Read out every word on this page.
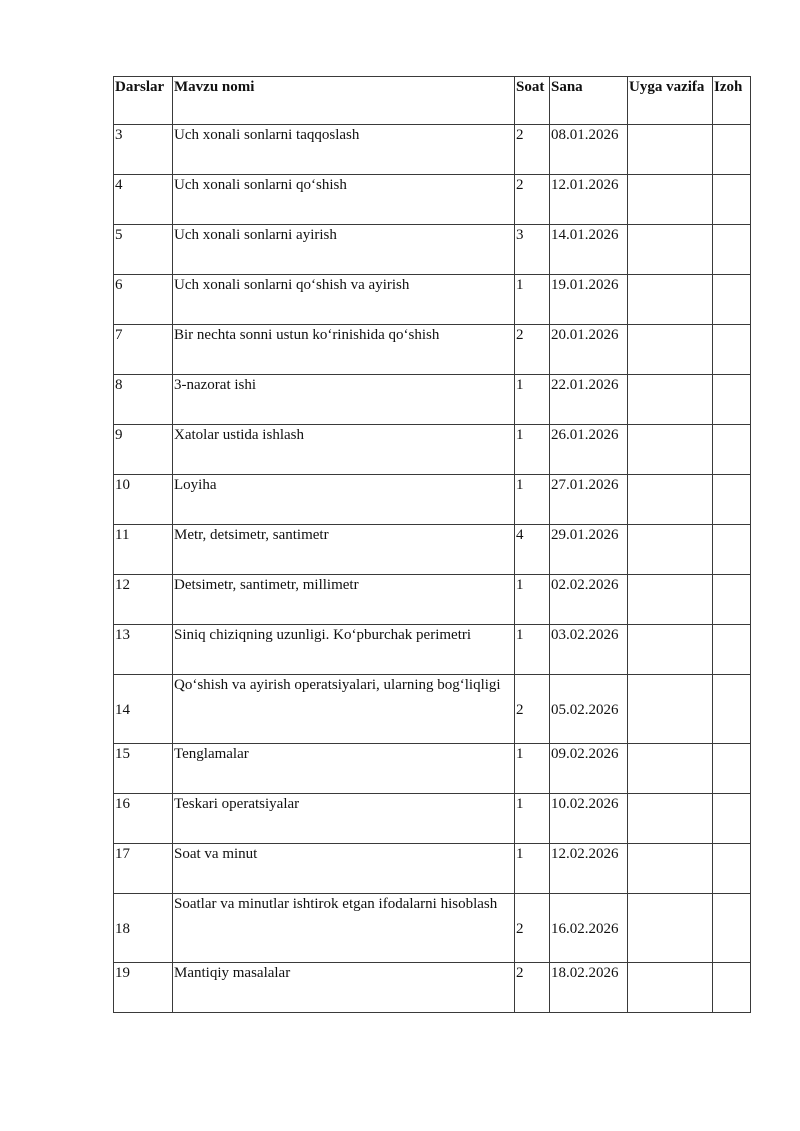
Darslar	Mavzu nomi	Soat	Sana	Uyga vazifa	Izoh
3	Uch xonali sonlarni taqqoslash	2	08.01.2026		
4	Uch xonali sonlarni qo‘shish	2	12.01.2026		
5	Uch xonali sonlarni ayirish	3	14.01.2026		
6	Uch xonali sonlarni qo‘shish va ayirish	1	19.01.2026		
7	Bir nechta sonni ustun ko‘rinishida qo‘shish	2	20.01.2026		
8	3-nazorat ishi	1	22.01.2026		
9	Xatolar ustida ishlash	1	26.01.2026		
10	Loyiha	1	27.01.2026		
11	Metr, detsimetr, santimetr	4	29.01.2026		
12	Detsimetr, santimetr, millimetr	1	02.02.2026		
13	Siniq chiziqning uzunligi. Ko‘pburchak perimetri	1	03.02.2026		
14	Qo‘shish va ayirish operatsiyalari, ularning bog‘liqligi	2	05.02.2026		
15	Tenglamalar	1	09.02.2026		
16	Teskari operatsiyalar	1	10.02.2026		
17	Soat va minut	1	12.02.2026		
18	Soatlar va minutlar ishtirok etgan ifodalarni hisoblash	2	16.02.2026		
19	Mantiqiy masalalar	2	18.02.2026		
